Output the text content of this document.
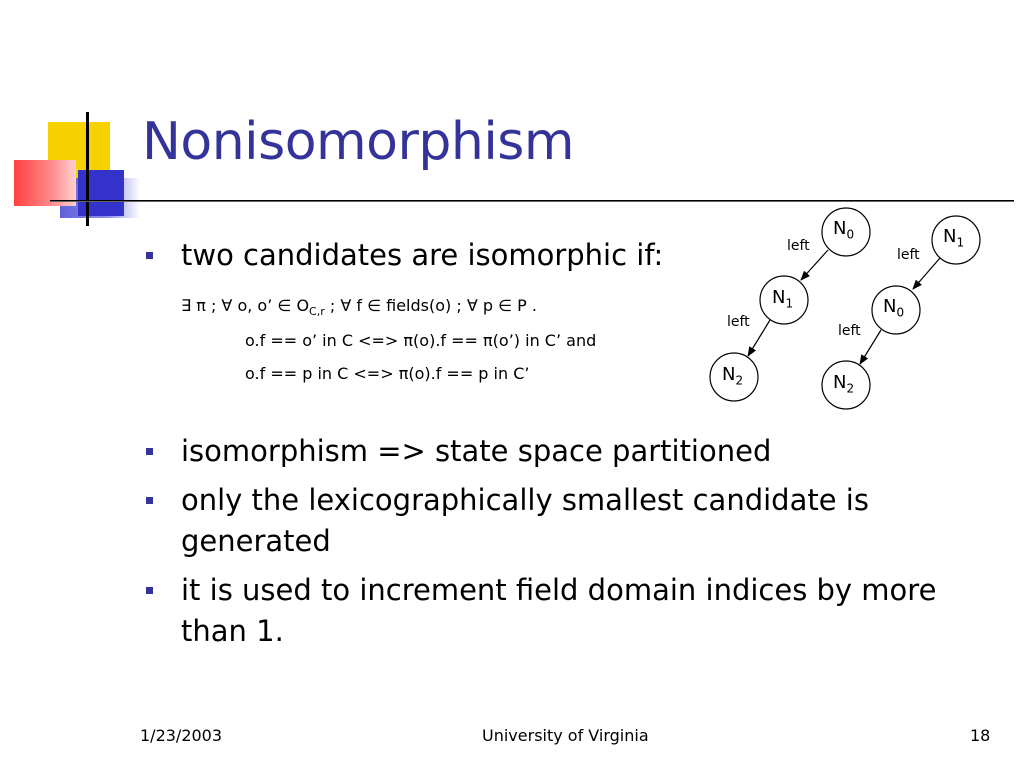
Nonisomorphism
two candidates are isomorphic if:
∃ π ; ∀ o, o’ ∈ $O_{C,r}$ ; ∀ f ∈ fields(o) ; ∀ p ∈ P .
o.f == o’ in C <=> π(o).f == π(o’) in C’ and
o.f == p in C <=> π(o).f == p in C’
$N_0$
$N_1$
$N_2$
$N_1$
$N_0$
$N_2$
left
left
left
left
isomorphism => state space partitioned
only the lexicographically smallest candidate is
generated
it is used to increment field domain indices by more
than 1.
1/23/2003	University of Virginia	18
